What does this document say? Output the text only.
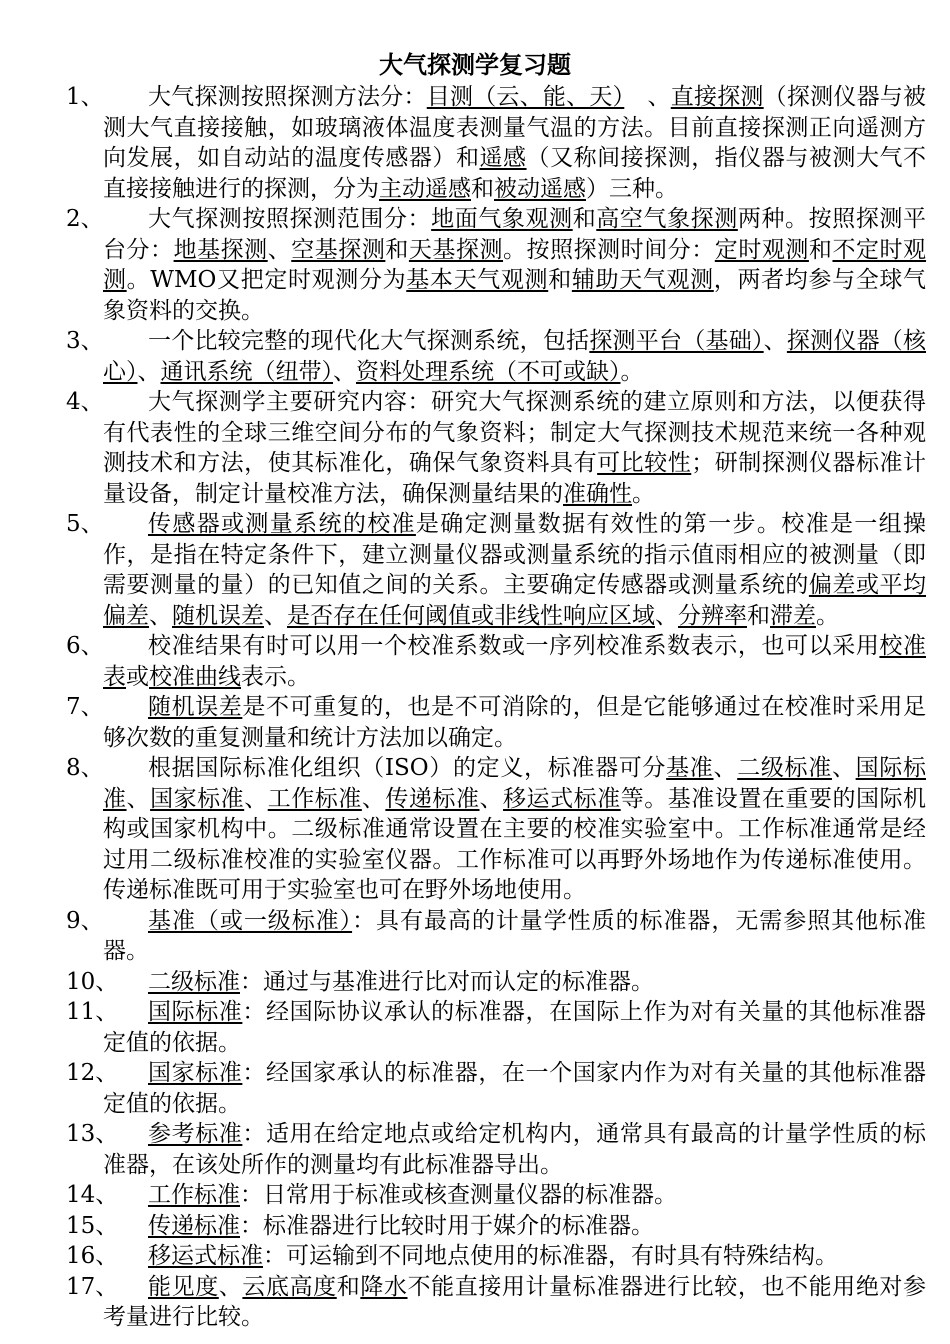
大气探测学复习题
1、	大气探测按照探测方法分：目测（云、能、天）　、直接探测（探测仪器与被测大气直接接触，如玻璃液体温度表测量气温的方法。目前直接探测正向遥测方向发展，如自动站的温度传感器）和遥感（又称间接探测，指仪器与被测大气不直接接触进行的探测，分为主动遥感和被动遥感）三种。
2、	大气探测按照探测范围分：地面气象观测和高空气象探测两种。按照探测平台分：地基探测、空基探测和天基探测。按照探测时间分：定时观测和不定时观测。WMO又把定时观测分为基本天气观测和辅助天气观测，两者均参与全球气象资料的交换。
3、	一个比较完整的现代化大气探测系统，包括探测平台（基础）、探测仪器（核心）、通讯系统（纽带）、资料处理系统（不可或缺）。
4、	大气探测学主要研究内容：研究大气探测系统的建立原则和方法，以便获得有代表性的全球三维空间分布的气象资料；制定大气探测技术规范来统一各种观测技术和方法，使其标准化，确保气象资料具有可比较性；研制探测仪器标准计量设备，制定计量校准方法，确保测量结果的准确性。
5、	传感器或测量系统的校准是确定测量数据有效性的第一步。校准是一组操作，是指在特定条件下，建立测量仪器或测量系统的指示值雨相应的被测量（即需要测量的量）的已知值之间的关系。主要确定传感器或测量系统的偏差或平均偏差、随机误差、是否存在任何阈值或非线性响应区域、分辨率和滞差。
6、	校准结果有时可以用一个校准系数或一序列校准系数表示，也可以采用校准表或校准曲线表示。
7、	随机误差是不可重复的，也是不可消除的，但是它能够通过在校准时采用足够次数的重复测量和统计方法加以确定。
8、	根据国际标准化组织（ISO）的定义，标准器可分基准、二级标准、国际标准、国家标准、工作标准、传递标准、移运式标准等。基准设置在重要的国际机构或国家机构中。二级标准通常设置在主要的校准实验室中。工作标准通常是经过用二级标准校准的实验室仪器。工作标准可以再野外场地作为传递标准使用。传递标准既可用于实验室也可在野外场地使用。
9、	基准（或一级标准）：具有最高的计量学性质的标准器，无需参照其他标准器。
10、	二级标准：通过与基准进行比对而认定的标准器。
11、	国际标准：经国际协议承认的标准器，在国际上作为对有关量的其他标准器定值的依据。
12、	国家标准：经国家承认的标准器，在一个国家内作为对有关量的其他标准器定值的依据。
13、	参考标准：适用在给定地点或给定机构内，通常具有最高的计量学性质的标准器，在该处所作的测量均有此标准器导出。
14、	工作标准：日常用于标准或核查测量仪器的标准器。
15、	传递标准：标准器进行比较时用于媒介的标准器。
16、	移运式标准：可运输到不同地点使用的标准器，有时具有特殊结构。
17、	能见度、云底高度和降水不能直接用计量标准器进行比较，也不能用绝对参考量进行比较。
